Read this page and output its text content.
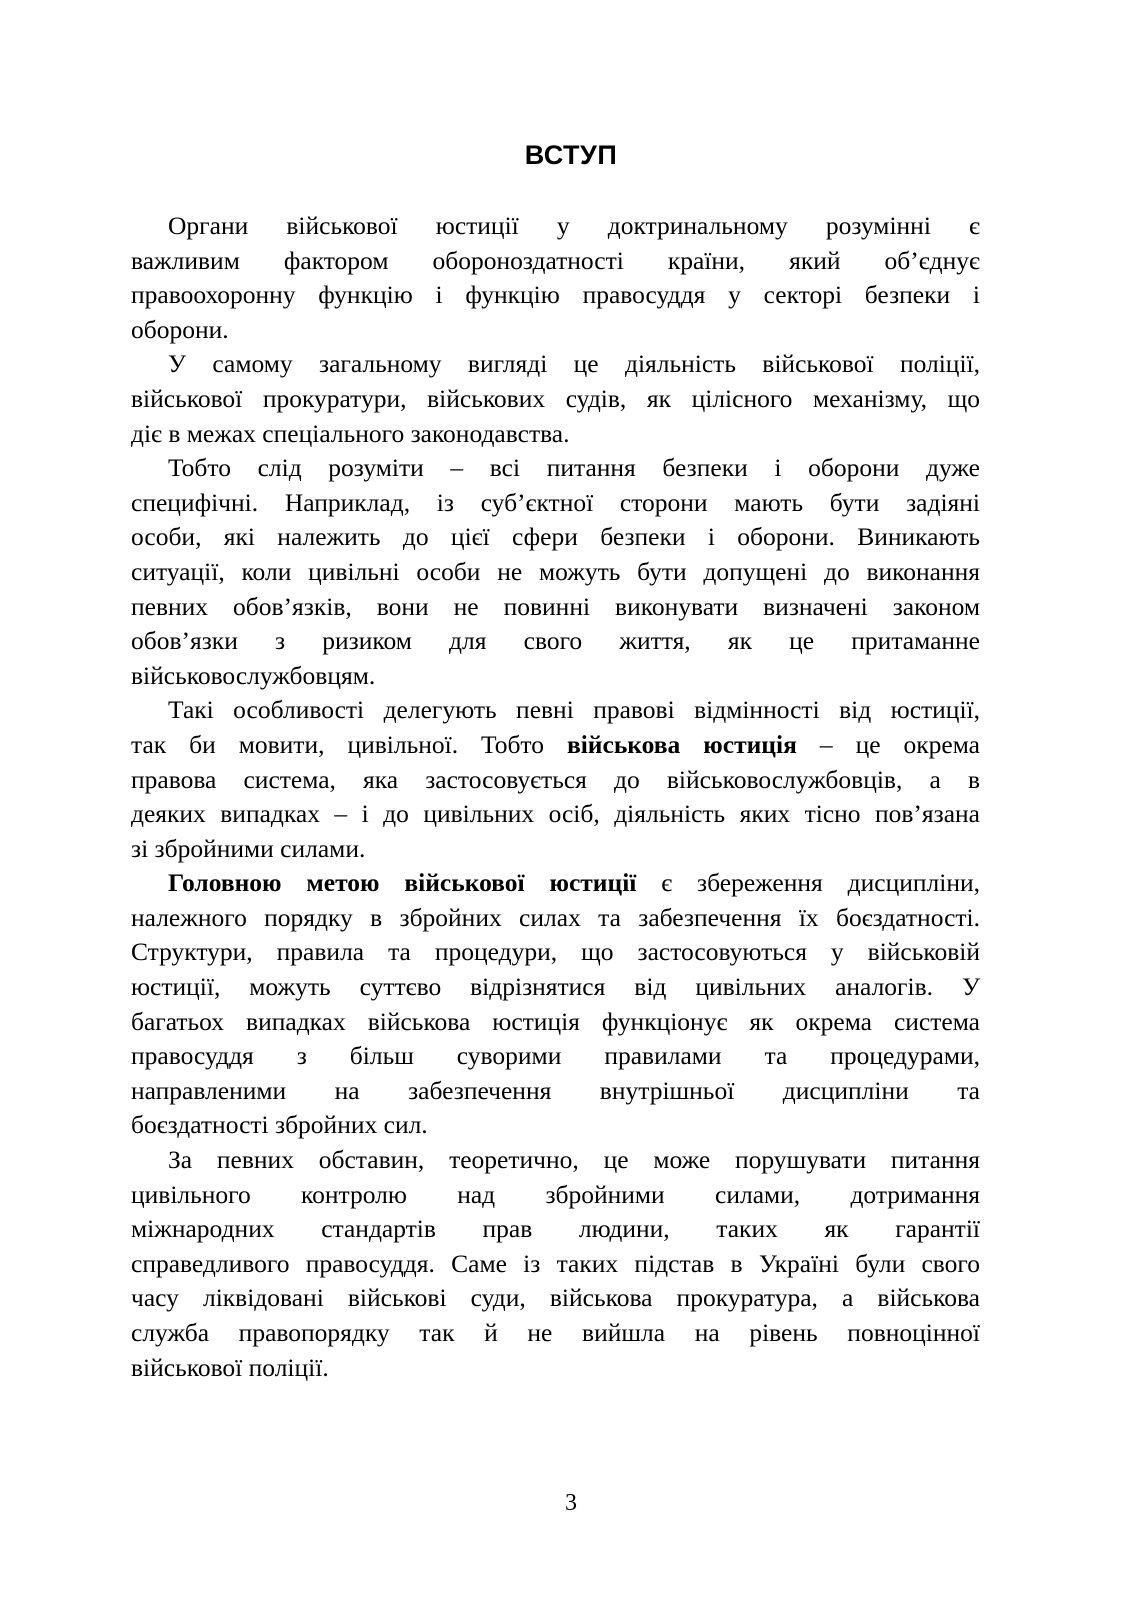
ВСТУП
Органи військової юстиції у доктринальному розумінні є
важливим фактором обороноздатності країни, який об’єднує
правоохоронну функцію і функцію правосуддя у секторі безпеки і
оборони.
У самому загальному вигляді це діяльність військової поліції,
військової прокуратури, військових судів, як цілісного механізму, що
діє в межах спеціального законодавства.
Тобто слід розуміти – всі питання безпеки і оборони дуже
специфічні. Наприклад, із суб’єктної сторони мають бути задіяні
особи, які належить до цієї сфери безпеки і оборони. Виникають
ситуації, коли цивільні особи не можуть бути допущені до виконання
певних обов’язків, вони не повинні виконувати визначені законом
обов’язки з ризиком для свого життя, як це притаманне
військовослужбовцям.
Такі особливості делегують певні правові відмінності від юстиції,
так би мовити, цивільної. Тобто військова юстиція – це окрема
правова система, яка застосовується до військовослужбовців, а в
деяких випадках – і до цивільних осіб, діяльність яких тісно пов’язана
зі збройними силами.
Головною метою військової юстиції є збереження дисципліни,
належного порядку в збройних силах та забезпечення їх боєздатності.
Структури, правила та процедури, що застосовуються у військовій
юстиції, можуть суттєво відрізнятися від цивільних аналогів. У
багатьох випадках військова юстиція функціонує як окрема система
правосуддя з більш суворими правилами та процедурами,
направленими на забезпечення внутрішньої дисципліни та
боєздатності збройних сил.
За певних обставин, теоретично, це може порушувати питання
цивільного контролю над збройними силами, дотримання
міжнародних стандартів прав людини, таких як гарантії
справедливого правосуддя. Саме із таких підстав в Україні були свого
часу ліквідовані військові суди, військова прокуратура, а військова
служба правопорядку так й не вийшла на рівень повноцінної
військової поліції.
3
